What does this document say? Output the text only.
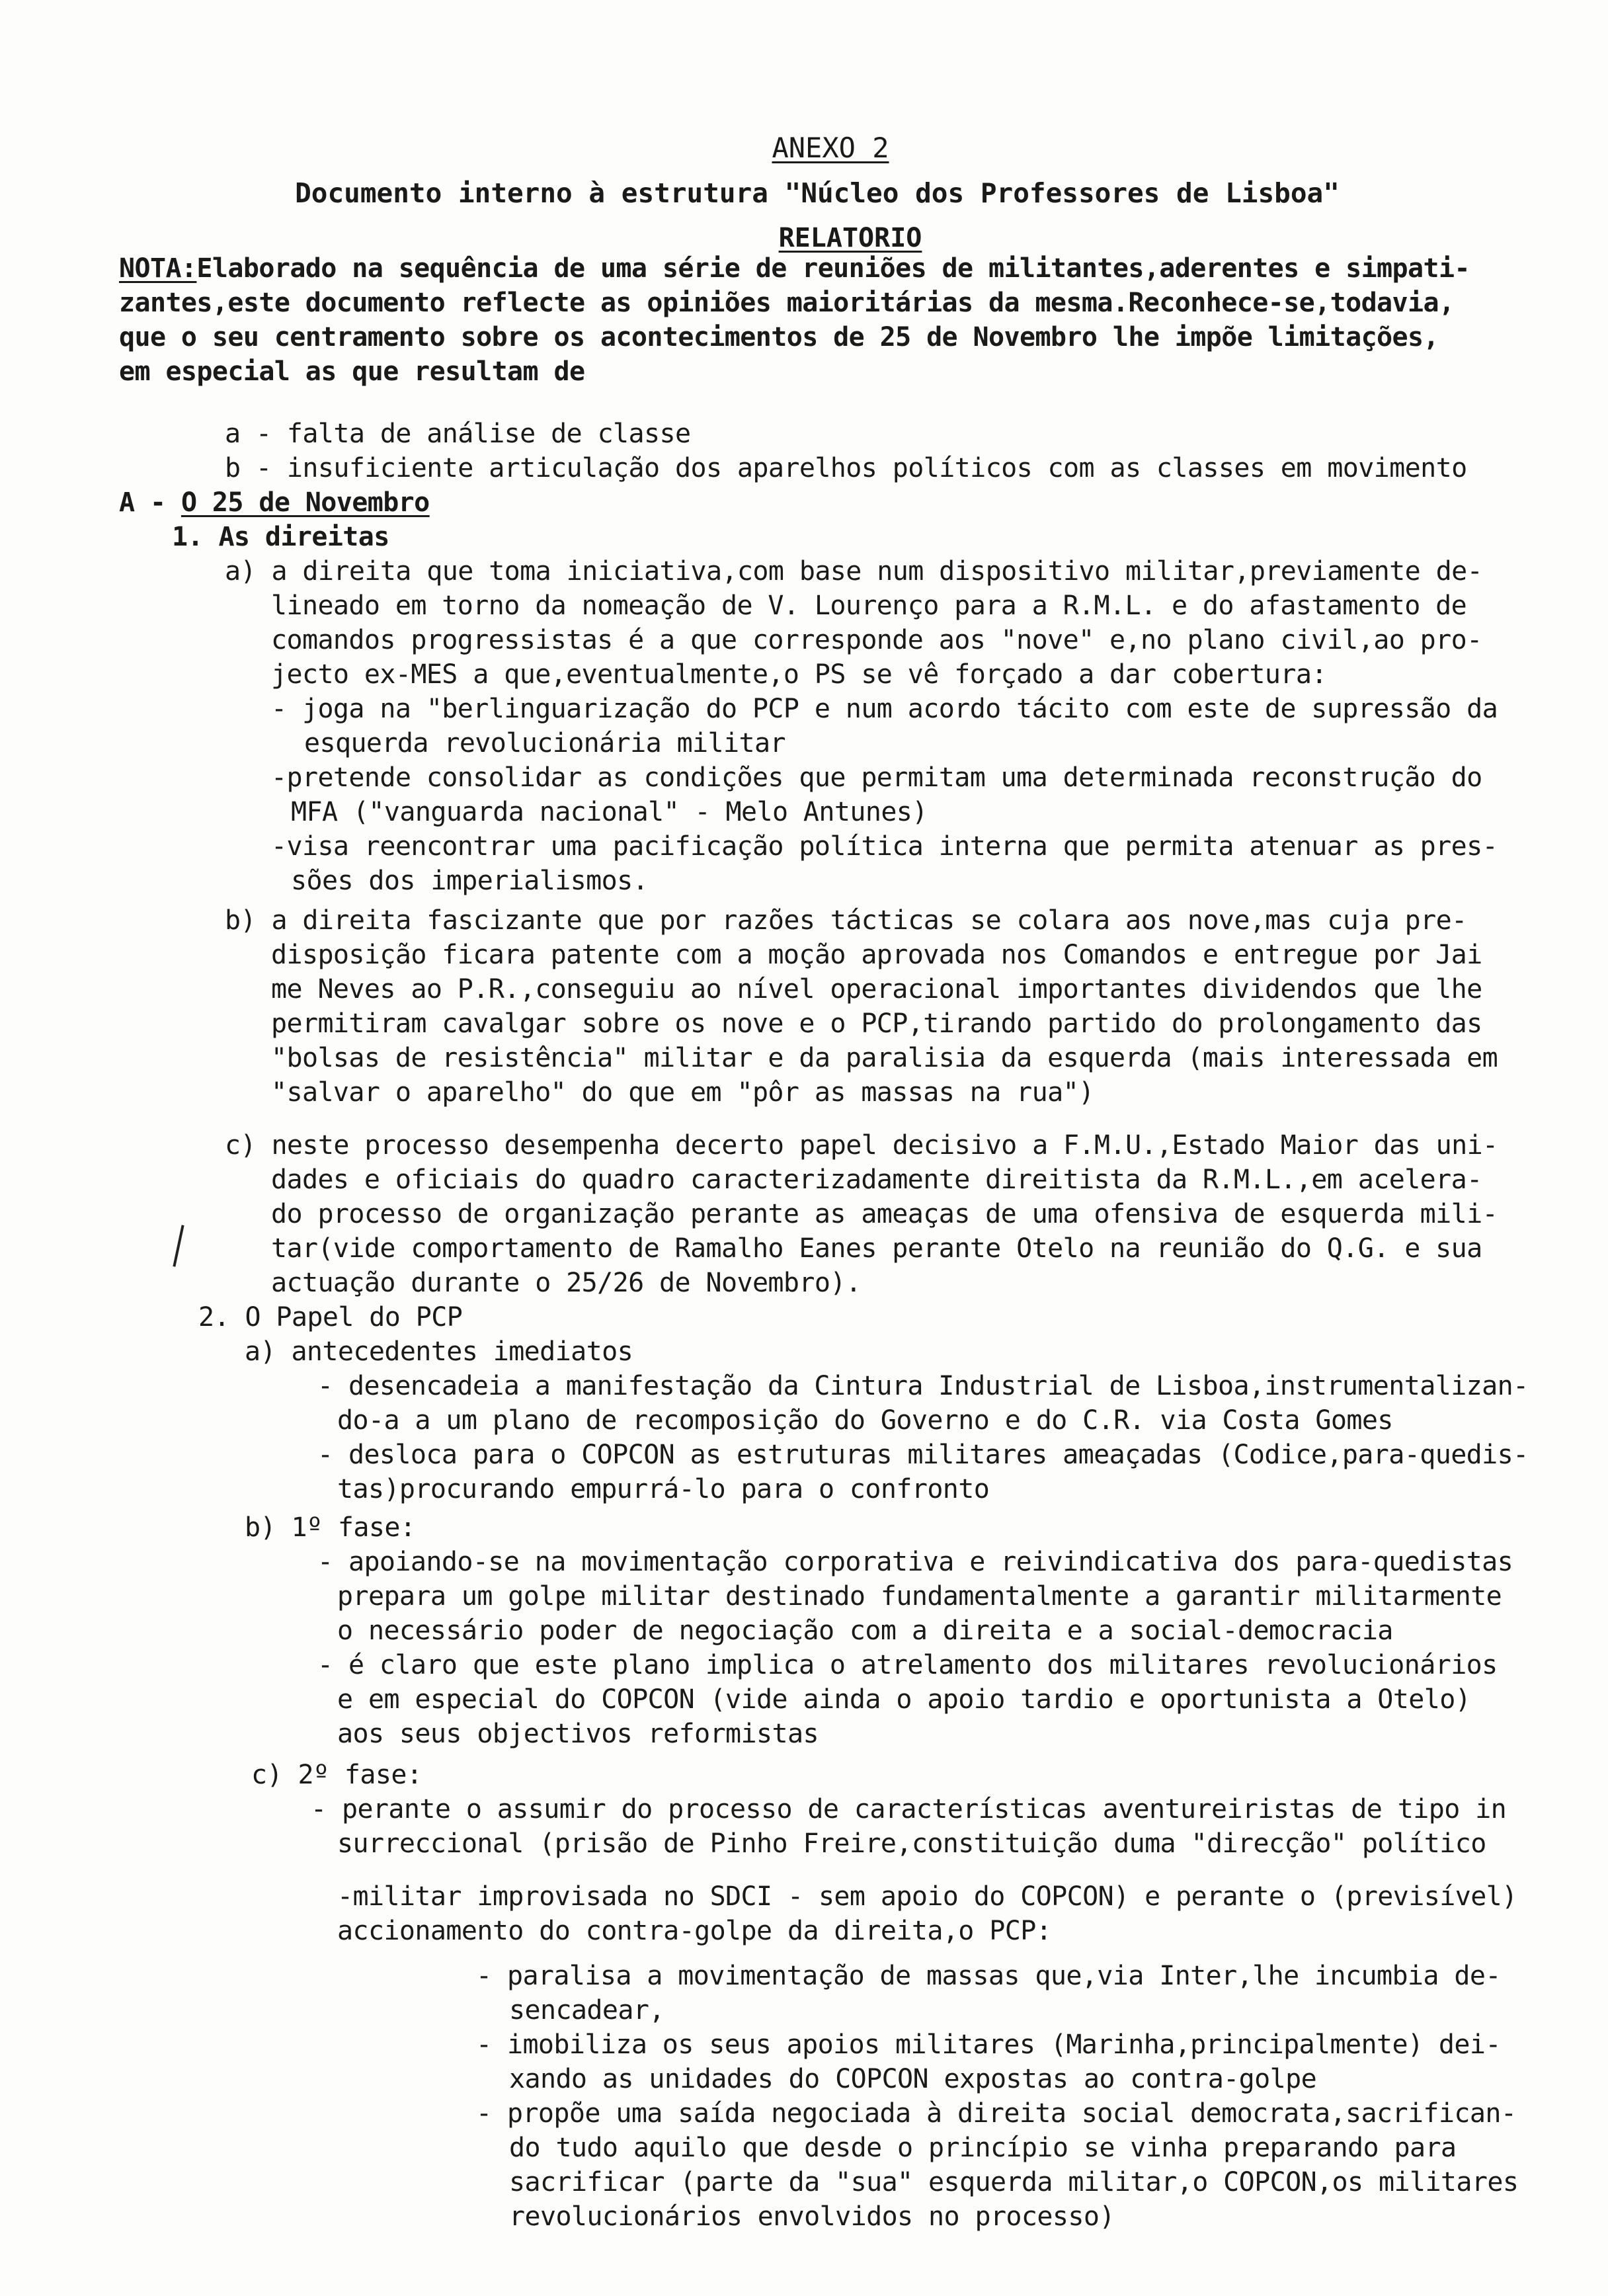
ANEXO 2
Documento interno à estrutura "Núcleo dos Professores de Lisboa"
RELATORIO
NOTA:Elaborado na sequência de uma série de reuniões de militantes,aderentes e simpati-
zantes,este documento reflecte as opiniões maioritárias da mesma.Reconhece-se,todavia,
que o seu centramento sobre os acontecimentos de 25 de Novembro lhe impõe limitações,
em especial as que resultam de
a - falta de análise de classe
b - insuficiente articulação dos aparelhos políticos com as classes em movimento
A - O 25 de Novembro
1. As direitas
a) a direita que toma iniciativa,com base num dispositivo militar,previamente de-
lineado em torno da nomeação de V. Lourenço para a R.M.L. e do afastamento de
comandos progressistas é a que corresponde aos "nove" e,no plano civil,ao pro-
jecto ex-MES a que,eventualmente,o PS se vê forçado a dar cobertura:
- joga na "berlinguarização do PCP e num acordo tácito com este de supressão da
esquerda revolucionária militar
-pretende consolidar as condições que permitam uma determinada reconstrução do
MFA ("vanguarda nacional" - Melo Antunes)
-visa reencontrar uma pacificação política interna que permita atenuar as pres-
sões dos imperialismos.
b) a direita fascizante que por razões tácticas se colara aos nove,mas cuja pre-
disposição ficara patente com a moção aprovada nos Comandos e entregue por Jai
me Neves ao P.R.,conseguiu ao nível operacional importantes dividendos que lhe
permitiram cavalgar sobre os nove e o PCP,tirando partido do prolongamento das
"bolsas de resistência" militar e da paralisia da esquerda (mais interessada em
"salvar o aparelho" do que em "pôr as massas na rua")
c) neste processo desempenha decerto papel decisivo a F.M.U.,Estado Maior das uni-
dades e oficiais do quadro caracterizadamente direitista da R.M.L.,em acelera-
do processo de organização perante as ameaças de uma ofensiva de esquerda mili-
tar(vide comportamento de Ramalho Eanes perante Otelo na reunião do Q.G. e sua
actuação durante o 25/26 de Novembro).
2. O Papel do PCP
a) antecedentes imediatos
- desencadeia a manifestação da Cintura Industrial de Lisboa,instrumentalizan-
do-a a um plano de recomposição do Governo e do C.R. via Costa Gomes
- desloca para o COPCON as estruturas militares ameaçadas (Codice,para-quedis-
tas)procurando empurrá-lo para o confronto
b) 1º fase:
- apoiando-se na movimentação corporativa e reivindicativa dos para-quedistas
prepara um golpe militar destinado fundamentalmente a garantir militarmente
o necessário poder de negociação com a direita e a social-democracia
- é claro que este plano implica o atrelamento dos militares revolucionários
e em especial do COPCON (vide ainda o apoio tardio e oportunista a Otelo)
aos seus objectivos reformistas
c) 2º fase:
- perante o assumir do processo de características aventureiristas de tipo in
surreccional (prisão de Pinho Freire,constituição duma "direcção" político
-militar improvisada no SDCI - sem apoio do COPCON) e perante o (previsível)
accionamento do contra-golpe da direita,o PCP:
- paralisa a movimentação de massas que,via Inter,lhe incumbia de-
sencadear,
- imobiliza os seus apoios militares (Marinha,principalmente) dei-
xando as unidades do COPCON expostas ao contra-golpe
- propõe uma saída negociada à direita social democrata,sacrifican-
do tudo aquilo que desde o princípio se vinha preparando para
sacrificar (parte da "sua" esquerda militar,o COPCON,os militares
revolucionários envolvidos no processo)
